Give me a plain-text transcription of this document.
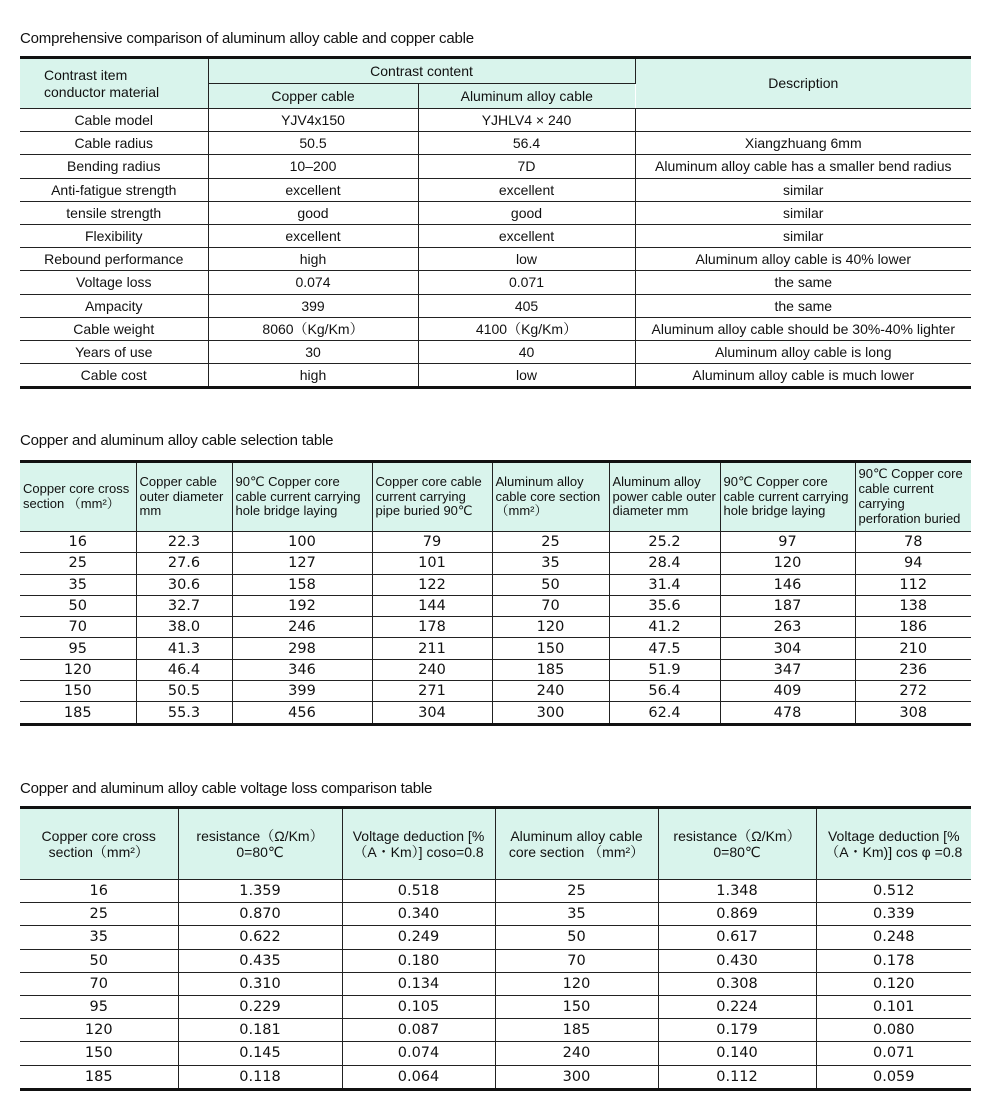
Comprehensive comparison of aluminum alloy cable and copper cable
Contrast item
conductor material	Contrast content		Description
	Copper cable	Aluminum alloy cable	
Cable model	YJV4x150	YJHLV4 × 240	
Cable radius	50.5	56.4	Xiangzhuang 6mm
Bending radius	10–200	7D	Aluminum alloy cable has a smaller bend radius
Anti-fatigue strength	excellent	excellent	similar
tensile strength	good	good	similar
Flexibility	excellent	excellent	similar
Rebound performance	high	low	Aluminum alloy cable is 40% lower
Voltage loss	0.074	0.071	the same
Ampacity	399	405	the same
Cable weight	8060（Kg/Km）	4100（Kg/Km）	Aluminum alloy cable should be 30%-40% lighter
Years of use	30	40	Aluminum alloy cable is long
Cable cost	high	low	Aluminum alloy cable is much lower
Copper and aluminum alloy cable selection table
Copper core cross section （mm²）	Copper cable outer diameter mm	90℃ Copper core cable current carrying hole bridge laying	Copper core cable current carrying pipe buried 90℃	Aluminum alloy cable core section （mm²）	Aluminum alloy power cable outer diameter mm	90℃ Copper core cable current carrying hole bridge laying	90℃ Copper core cable current carrying perforation buried
16	22.3	100	79	25	25.2	97	78
25	27.6	127	101	35	28.4	120	94
35	30.6	158	122	50	31.4	146	112
50	32.7	192	144	70	35.6	187	138
70	38.0	246	178	120	41.2	263	186
95	41.3	298	211	150	47.5	304	210
120	46.4	346	240	185	51.9	347	236
150	50.5	399	271	240	56.4	409	272
185	55.3	456	304	300	62.4	478	308
Copper and aluminum alloy cable voltage loss comparison table
Copper core cross section（mm²）	resistance（Ω/Km） 0=80℃	Voltage deduction [%（A・Km）] coso=0.8	Aluminum alloy cable core section （mm²）	resistance（Ω/Km） 0=80℃	Voltage deduction [%（A・Km)] cos φ =0.8
16	1.359	0.518	25	1.348	0.512
25	0.870	0.340	35	0.869	0.339
35	0.622	0.249	50	0.617	0.248
50	0.435	0.180	70	0.430	0.178
70	0.310	0.134	120	0.308	0.120
95	0.229	0.105	150	0.224	0.101
120	0.181	0.087	185	0.179	0.080
150	0.145	0.074	240	0.140	0.071
185	0.118	0.064	300	0.112	0.059
